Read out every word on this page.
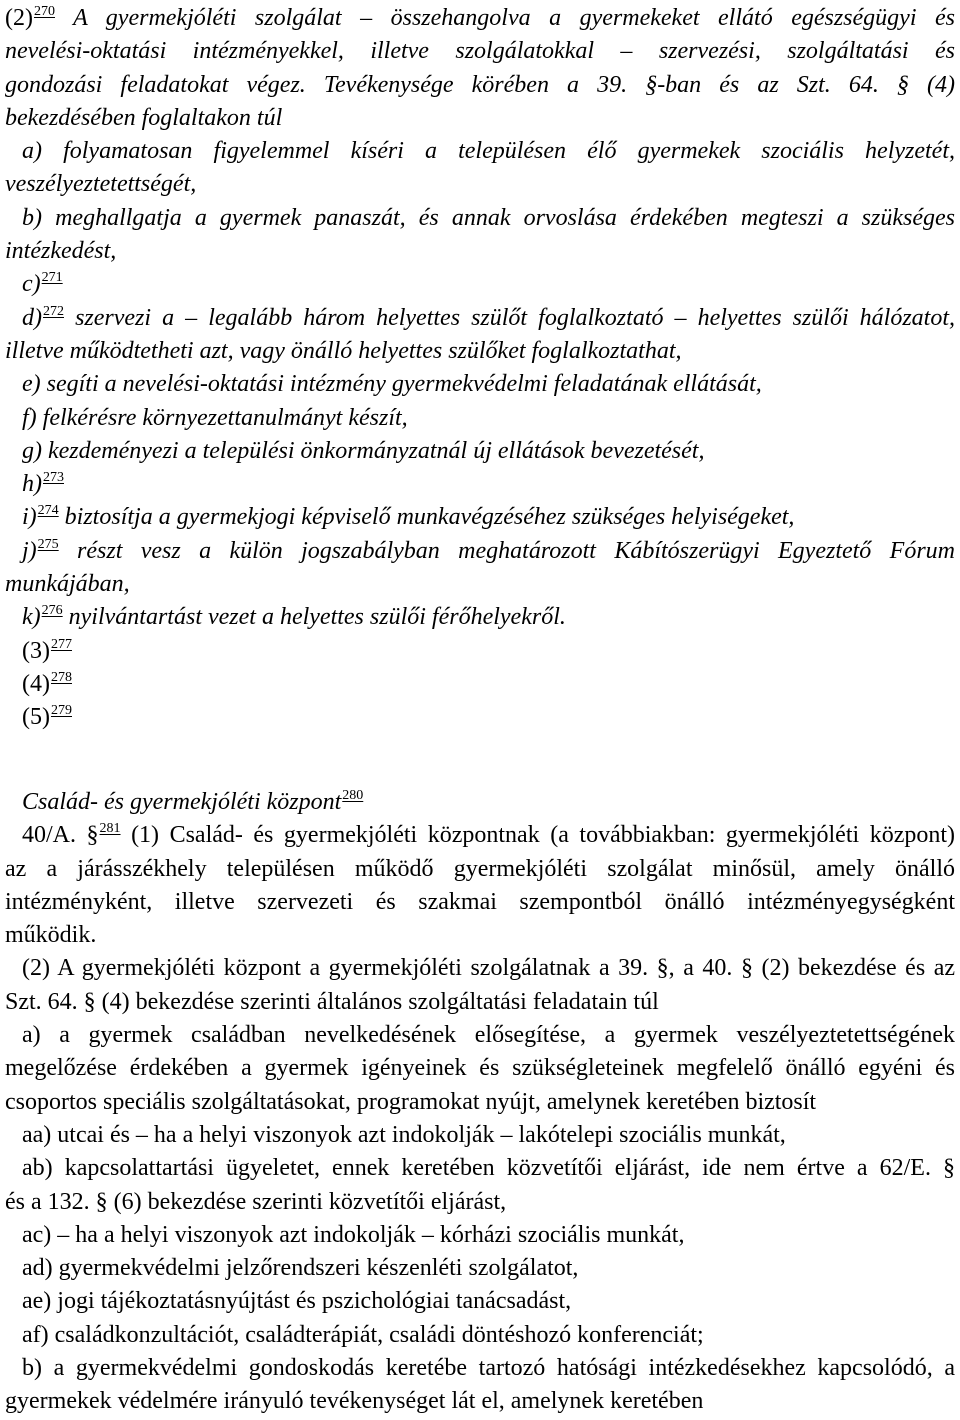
(2)$^{270}$ A gyermekjóléti szolgálat – összehangolva a gyermekeket ellátó egészségügyi és
nevelési-oktatási intézményekkel, illetve szolgálatokkal – szervezési, szolgáltatási és
gondozási feladatokat végez. Tevékenysége körében a 39. §-ban és az Szt. 64. § (4)
bekezdésében foglaltakon túl
a) folyamatosan figyelemmel kíséri a településen élő gyermekek szociális helyzetét,
veszélyeztetettségét,
b) meghallgatja a gyermek panaszát, és annak orvoslása érdekében megteszi a szükséges
intézkedést,
c)$^{271}$
d)$^{272}$ szervezi a – legalább három helyettes szülőt foglalkoztató – helyettes szülői hálózatot,
illetve működtetheti azt, vagy önálló helyettes szülőket foglalkoztathat,
e) segíti a nevelési-oktatási intézmény gyermekvédelmi feladatának ellátását,
f) felkérésre környezettanulmányt készít,
g) kezdeményezi a települési önkormányzatnál új ellátások bevezetését,
h)$^{273}$
i)$^{274}$ biztosítja a gyermekjogi képviselő munkavégzéséhez szükséges helyiségeket,
j)$^{275}$ részt vesz a külön jogszabályban meghatározott Kábítószerügyi Egyeztető Fórum
munkájában,
k)$^{276}$ nyilvántartást vezet a helyettes szülői férőhelyekről.
(3)$^{277}$
(4)$^{278}$
(5)$^{279}$
Család- és gyermekjóléti központ$^{280}$
40/A. §$^{281}$ (1) Család- és gyermekjóléti központnak (a továbbiakban: gyermekjóléti központ)
az a járásszékhely településen működő gyermekjóléti szolgálat minősül, amely önálló
intézményként, illetve szervezeti és szakmai szempontból önálló intézményegységként
működik.
(2) A gyermekjóléti központ a gyermekjóléti szolgálatnak a 39. §, a 40. § (2) bekezdése és az
Szt. 64. § (4) bekezdése szerinti általános szolgáltatási feladatain túl
a) a gyermek családban nevelkedésének elősegítése, a gyermek veszélyeztetettségének
megelőzése érdekében a gyermek igényeinek és szükségleteinek megfelelő önálló egyéni és
csoportos speciális szolgáltatásokat, programokat nyújt, amelynek keretében biztosít
aa) utcai és – ha a helyi viszonyok azt indokolják – lakótelepi szociális munkát,
ab) kapcsolattartási ügyeletet, ennek keretében közvetítői eljárást, ide nem értve a 62/E. §
és a 132. § (6) bekezdése szerinti közvetítői eljárást,
ac) – ha a helyi viszonyok azt indokolják – kórházi szociális munkát,
ad) gyermekvédelmi jelzőrendszeri készenléti szolgálatot,
ae) jogi tájékoztatásnyújtást és pszichológiai tanácsadást,
af) családkonzultációt, családterápiát, családi döntéshozó konferenciát;
b) a gyermekvédelmi gondoskodás keretébe tartozó hatósági intézkedésekhez kapcsolódó, a
gyermekek védelmére irányuló tevékenységet lát el, amelynek keretében
